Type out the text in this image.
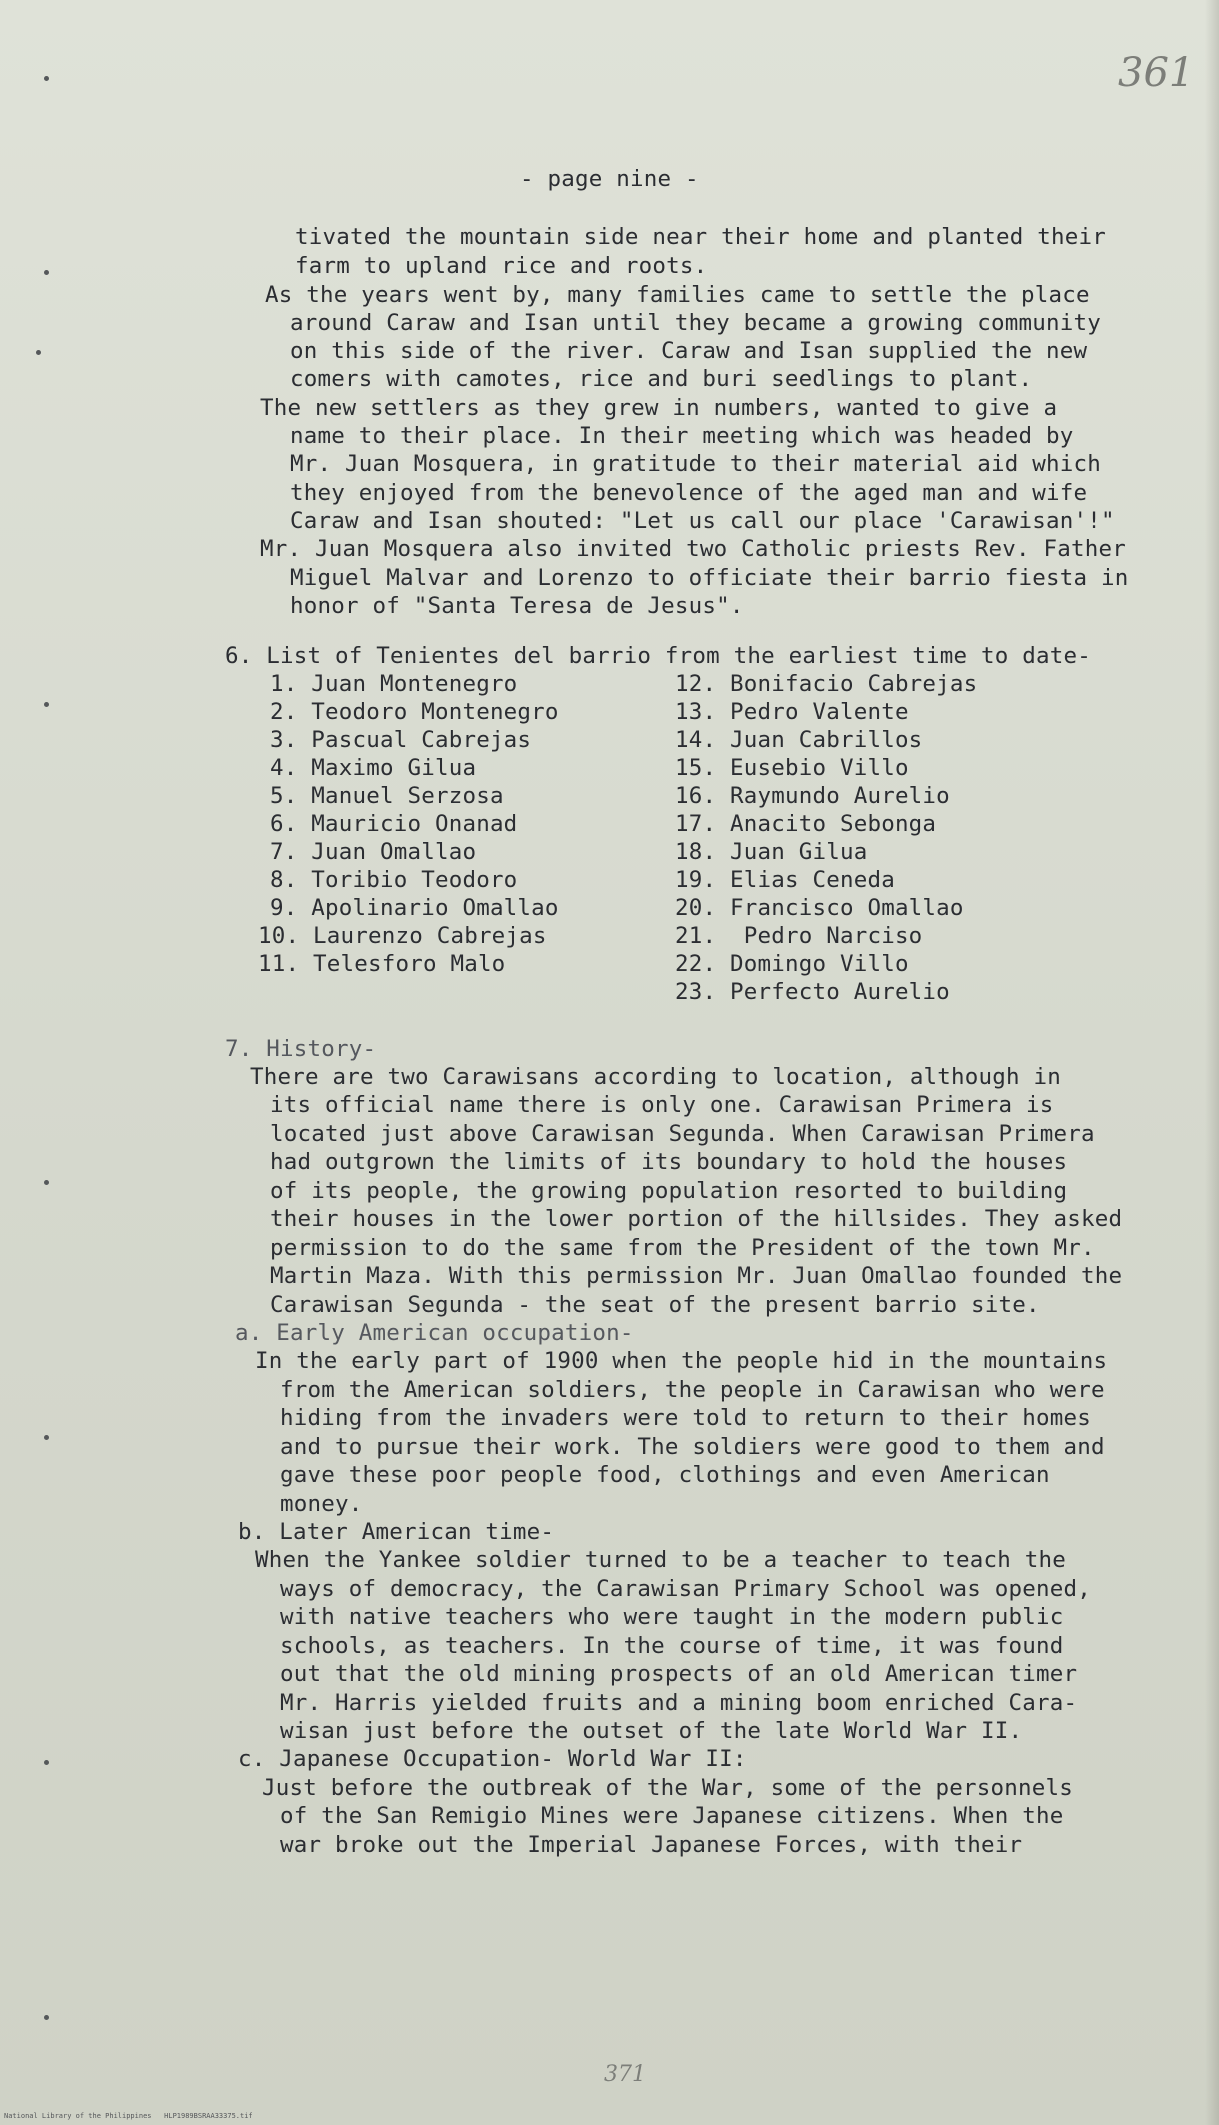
361
- page nine -
tivated the mountain side near their home and planted their
farm to upland rice and roots.
As the years went by, many families came to settle the place
around Caraw and Isan until they became a growing community
on this side of the river. Caraw and Isan supplied the new
comers with camotes, rice and buri seedlings to plant.
The new settlers as they grew in numbers, wanted to give a
name to their place. In their meeting which was headed by
Mr. Juan Mosquera, in gratitude to their material aid which
they enjoyed from the benevolence of the aged man and wife
Caraw and Isan shouted: "Let us call our place 'Carawisan'!"
Mr. Juan Mosquera also invited two Catholic priests Rev. Father
Miguel Malvar and Lorenzo to officiate their barrio fiesta in
honor of "Santa Teresa de Jesus".
6. List of Tenientes del barrio from the earliest time to date-
1. Juan Montenegro
2. Teodoro Montenegro
3. Pascual Cabrejas
4. Maximo Gilua
5. Manuel Serzosa
6. Mauricio Onanad
7. Juan Omallao
8. Toribio Teodoro
9. Apolinario Omallao
10. Laurenzo Cabrejas
11. Telesforo Malo
12. Bonifacio Cabrejas
13. Pedro Valente
14. Juan Cabrillos
15. Eusebio Villo
16. Raymundo Aurelio
17. Anacito Sebonga
18. Juan Gilua
19. Elias Ceneda
20. Francisco Omallao
21.  Pedro Narciso
22. Domingo Villo
23. Perfecto Aurelio
7. History-
There are two Carawisans according to location, although in
its official name there is only one. Carawisan Primera is
located just above Carawisan Segunda. When Carawisan Primera
had outgrown the limits of its boundary to hold the houses
of its people, the growing population resorted to building
their houses in the lower portion of the hillsides. They asked
permission to do the same from the President of the town Mr.
Martin Maza. With this permission Mr. Juan Omallao founded the
Carawisan Segunda - the seat of the present barrio site.
a. Early American occupation-
In the early part of 1900 when the people hid in the mountains
from the American soldiers, the people in Carawisan who were
hiding from the invaders were told to return to their homes
and to pursue their work. The soldiers were good to them and
gave these poor people food, clothings and even American
money.
b. Later American time-
When the Yankee soldier turned to be a teacher to teach the
ways of democracy, the Carawisan Primary School was opened,
with native teachers who were taught in the modern public
schools, as teachers. In the course of time, it was found
out that the old mining prospects of an old American timer
Mr. Harris yielded fruits and a mining boom enriched Cara-
wisan just before the outset of the late World War II.
c. Japanese Occupation- World War II:
Just before the outbreak of the War, some of the personnels
of the San Remigio Mines were Japanese citizens. When the
war broke out the Imperial Japanese Forces, with their
371
National Library of the Philippines   HLP1989BSRAA33375.tif
